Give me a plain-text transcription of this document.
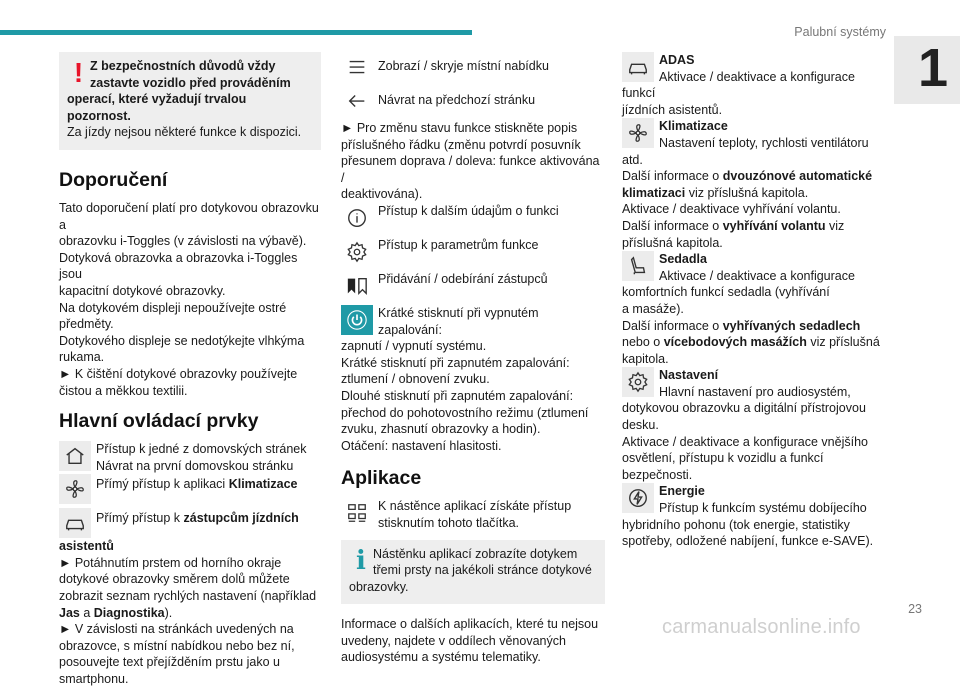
Palubní systémy
1
23
carmanualsonline.info
! Z bezpečnostních důvodů vždy

zastavte vozidlo před prováděním

operací, které vyžadují trvalou pozornost.

Za jízdy nejsou některé funkce k dispozici.

Doporučení

Tato doporučení platí pro dotykovou obrazovku a

obrazovku i-Toggles (v závislosti na výbavě).

Dotyková obrazovka a obrazovka i-Toggles jsou

kapacitní dotykové obrazovky.

Na dotykovém displeji nepoužívejte ostré

předměty.

Dotykového displeje se nedotýkejte vlhkýma

rukama.

► K čištění dotykové obrazovky používejte

čistou a měkkou textilii.

Hlavní ovládací prvky

Přístup k jedné z domovských stránek

Návrat na první domovskou stránku

Přímý přístup k aplikaci Klimatizace

Přímý přístup k zástupcům jízdních

asistentů

► Potáhnutím prstem od horního okraje

dotykové obrazovky směrem dolů můžete

zobrazit seznam rychlých nastavení (například

Jas a Diagnostika).

► V závislosti na stránkách uvedených na

obrazovce, s místní nabídkou nebo bez ní,

posouvejte text přejížděním prstu jako u

smartphonu.

Zobrazí / skryje místní nabídku

Návrat na předchozí stránku

► Pro změnu stavu funkce stiskněte popis

příslušného řádku (změnu potvrdí posuvník

přesunem doprava / doleva: funkce aktivována /

deaktivována).

Přístup k dalším údajům o funkci

Přístup k parametrům funkce

Přidávání / odebírání zástupců

Krátké stisknutí při vypnutém zapalování:

zapnutí / vypnutí systému.

Krátké stisknutí při zapnutém zapalování:

ztlumení / obnovení zvuku.

Dlouhé stisknutí při zapnutém zapalování:

přechod do pohotovostního režimu (ztlumení

zvuku, zhasnutí obrazovky a hodin).

Otáčení: nastavení hlasitosti.

Aplikace

K nástěnce aplikací získáte přístup

stisknutím tohoto tlačítka.

i Nástěnku aplikací zobrazíte dotykem

třemi prsty na jakékoli stránce dotykové

obrazovky.

Informace o dalších aplikacích, které tu nejsou

uvedeny, najdete v oddílech věnovaných

audiosystému a systému telematiky.

ADAS

Aktivace / deaktivace a konfigurace funkcí

jízdních asistentů.

Klimatizace

Nastavení teploty, rychlosti ventilátoru

atd.

Další informace o dvouzónové automatické

klimatizaci viz příslušná kapitola.

Aktivace / deaktivace vyhřívání volantu.

Další informace o vyhřívání volantu viz

příslušná kapitola.

Sedadla

Aktivace / deaktivace a konfigurace

komfortních funkcí sedadla (vyhřívání

a masáže).

Další informace o vyhřívaných sedadlech

nebo o vícebodových masážích viz příslušná

kapitola.

Nastavení

Hlavní nastavení pro audiosystém,

dotykovou obrazovku a digitální přístrojovou

desku.

Aktivace / deaktivace a konfigurace vnějšího

osvětlení, přístupu k vozidlu a funkcí

bezpečnosti.

Energie

Přístup k funkcím systému dobíjecího

hybridního pohonu (tok energie, statistiky

spotřeby, odložené nabíjení, funkce e-SAVE).
